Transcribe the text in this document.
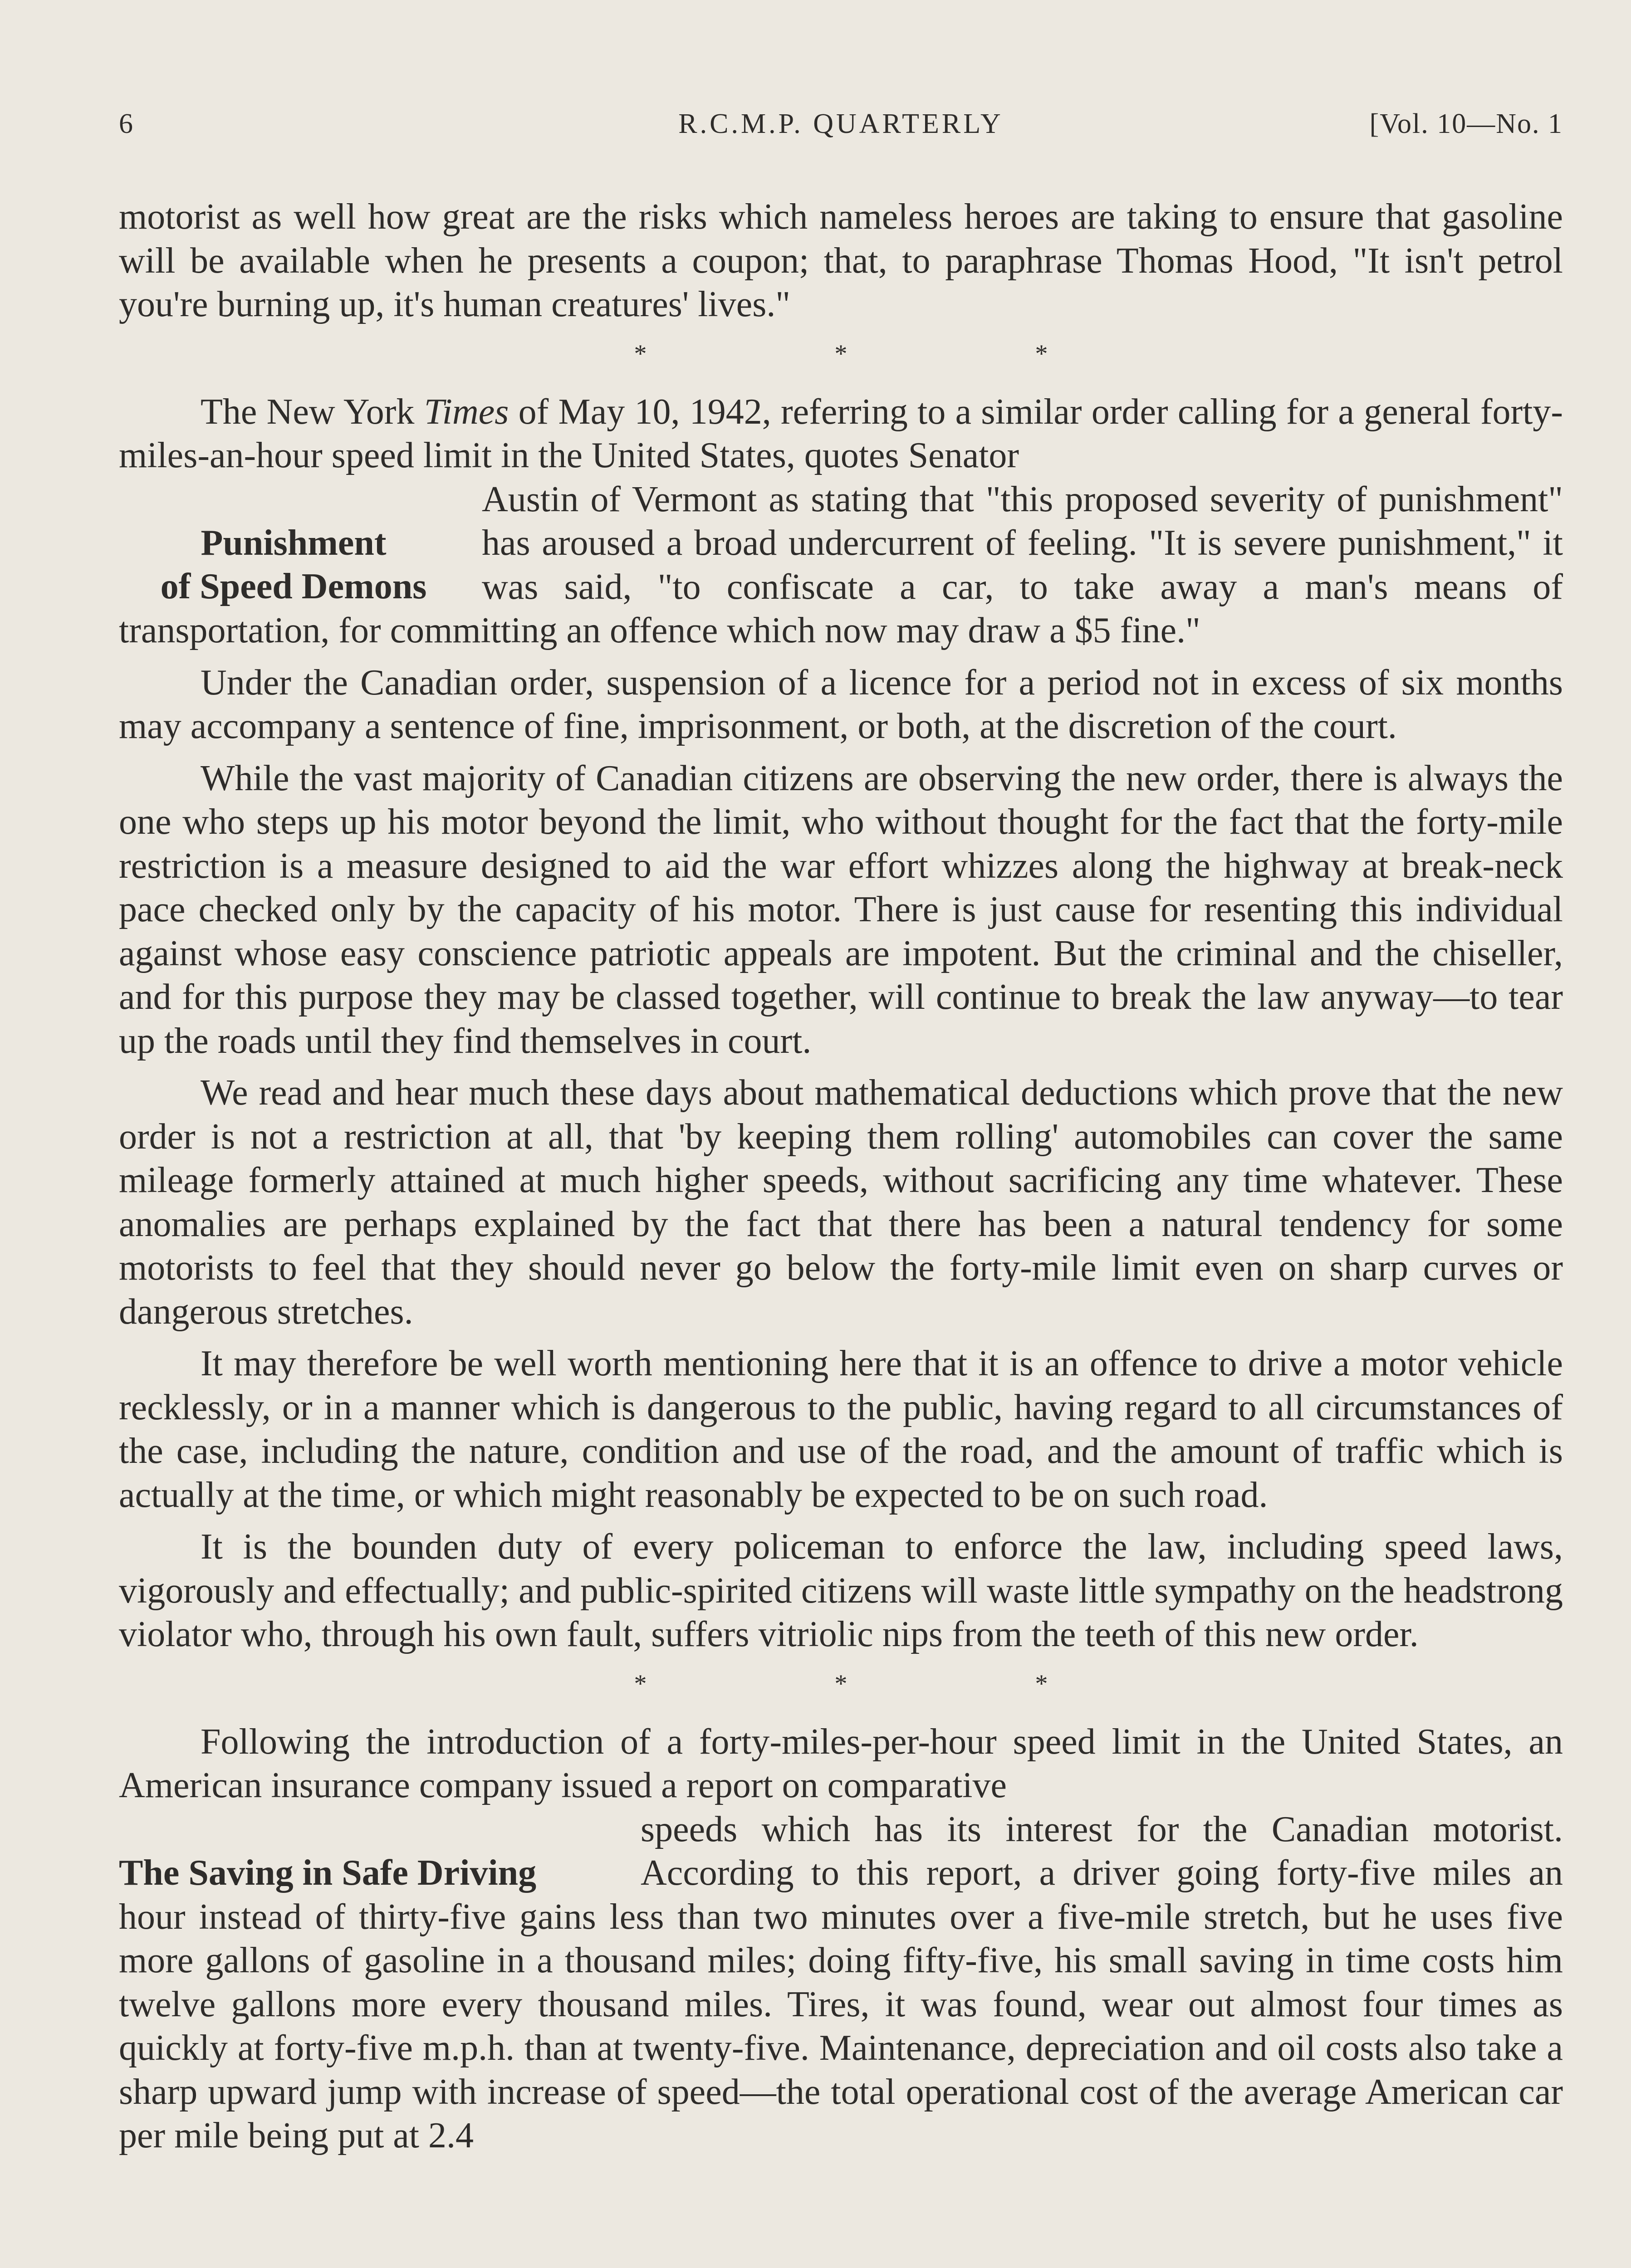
6	R.C.M.P. QUARTERLY	[Vol. 10—No. 1

motorist as well how great are the risks which nameless heroes are taking to ensure that gasoline will be available when he presents a coupon; that, to paraphrase Thomas Hood, "It isn't petrol you're burning up, it's human creatures' lives."

* * *

The New York Times of May 10, 1942, referring to a similar order calling for a general forty-miles-an-hour speed limit in the United States, quotes Senator

Punishment
of Speed Demons

Austin of Vermont as stating that "this proposed severity of punishment" has aroused a broad undercurrent of feeling. "It is severe punishment," it was said, "to confiscate a car, to take away a man's means of transportation, for committing an offence which now may draw a $5 fine."

Under the Canadian order, suspension of a licence for a period not in excess of six months may accompany a sentence of fine, imprisonment, or both, at the discretion of the court.

While the vast majority of Canadian citizens are observing the new order, there is always the one who steps up his motor beyond the limit, who without thought for the fact that the forty-mile restriction is a measure designed to aid the war effort whizzes along the highway at break-neck pace checked only by the capacity of his motor. There is just cause for resenting this individual against whose easy conscience patriotic appeals are impotent. But the criminal and the chiseller, and for this purpose they may be classed together, will continue to break the law anyway—to tear up the roads until they find themselves in court.

We read and hear much these days about mathematical deductions which prove that the new order is not a restriction at all, that 'by keeping them rolling' automobiles can cover the same mileage formerly attained at much higher speeds, without sacrificing any time whatever. These anomalies are perhaps explained by the fact that there has been a natural tendency for some motorists to feel that they should never go below the forty-mile limit even on sharp curves or dangerous stretches.

It may therefore be well worth mentioning here that it is an offence to drive a motor vehicle recklessly, or in a manner which is dangerous to the public, having regard to all circumstances of the case, including the nature, condition and use of the road, and the amount of traffic which is actually at the time, or which might reasonably be expected to be on such road.

It is the bounden duty of every policeman to enforce the law, including speed laws, vigorously and effectually; and public-spirited citizens will waste little sympathy on the headstrong violator who, through his own fault, suffers vitriolic nips from the teeth of this new order.

* * *

Following the introduction of a forty-miles-per-hour speed limit in the United States, an American insurance company issued a report on comparative

The Saving in Safe Driving

speeds which has its interest for the Canadian motorist. According to this report, a driver going forty-five miles an hour instead of thirty-five gains less than two minutes over a five-mile stretch, but he uses five more gallons of gasoline in a thousand miles; doing fifty-five, his small saving in time costs him twelve gallons more every thousand miles. Tires, it was found, wear out almost four times as quickly at forty-five m.p.h. than at twenty-five. Maintenance, depreciation and oil costs also take a sharp upward jump with increase of speed—the total operational cost of the average American car per mile being put at 2.4
